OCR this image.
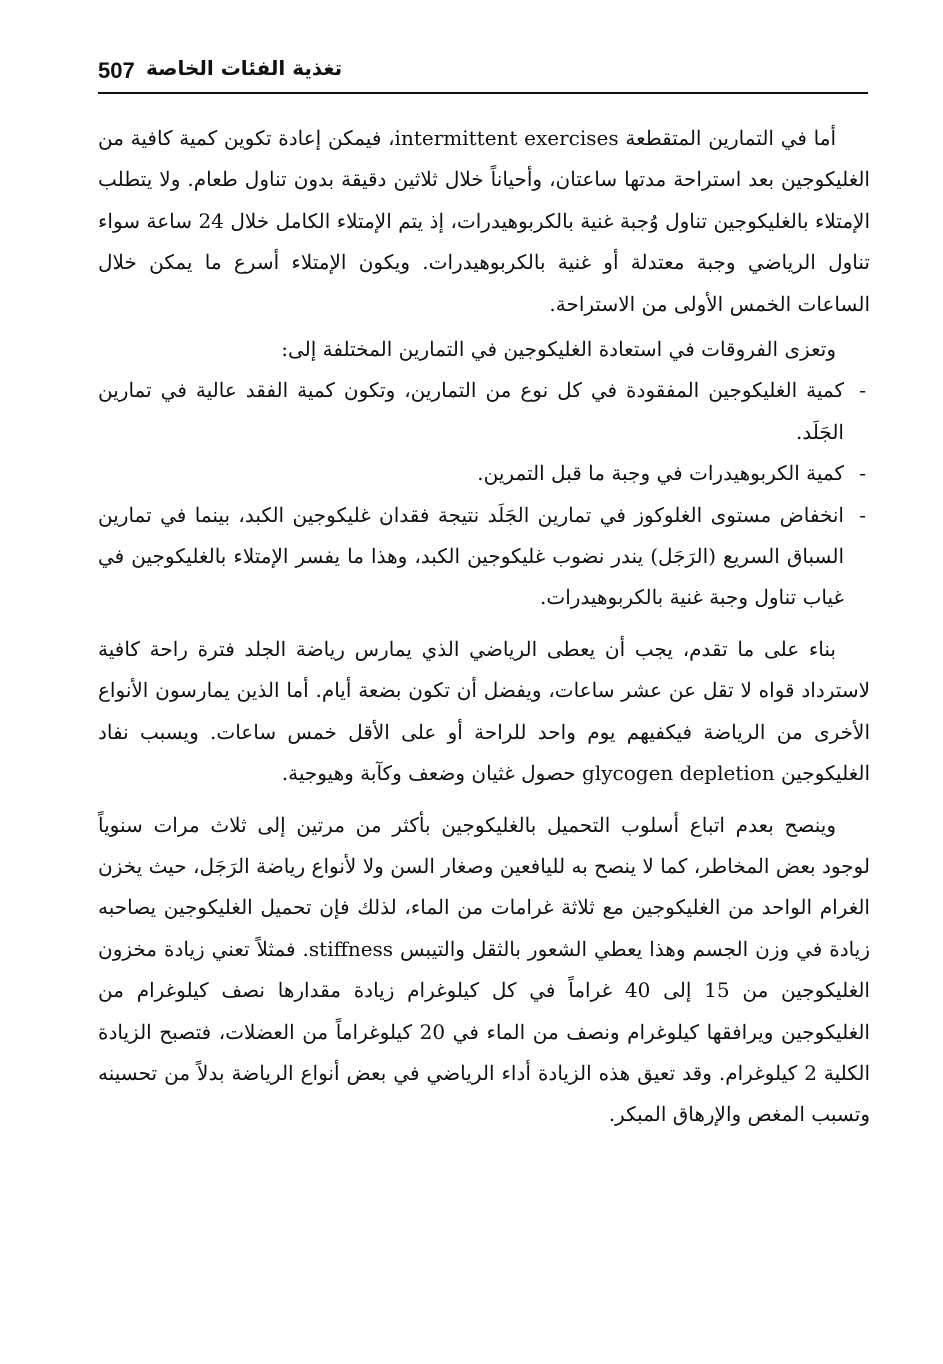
507 تغذية الفئات الخاصة

أما في التمارين المتقطعة intermittent exercises، فيمكن إعادة تكوين كمية كافية من الغليكوجين بعد استراحة مدتها ساعتان، وأحياناً خلال ثلاثين دقيقة بدون تناول طعام. ولا يتطلب الإمتلاء بالغليكوجين تناول وُجبة غنية بالكربوهيدرات، إذ يتم الإمتلاء الكامل خلال 24 ساعة سواء تناول الرياضي وجبة معتدلة أو غنية بالكربوهيدرات. ويكون الإمتلاء أسرع ما يمكن خلال الساعات الخمس الأولى من الاستراحة.

وتعزى الفروقات في استعادة الغليكوجين في التمارين المختلفة إلى:

- كمية الغليكوجين المفقودة في كل نوع من التمارين، وتكون كمية الفقد عالية في تمارين الجَلَد.
- كمية الكربوهيدرات في وجبة ما قبل التمرين.
- انخفاض مستوى الغلوكوز في تمارين الجَلَد نتيجة فقدان غليكوجين الكبد، بينما في تمارين السباق السريع (الرَجَل) يندر نضوب غليكوجين الكبد، وهذا ما يفسر الإمتلاء بالغليكوجين في غياب تناول وجبة غنية بالكربوهيدرات.

بناء على ما تقدم، يجب أن يعطى الرياضي الذي يمارس رياضة الجلد فترة راحة كافية لاسترداد قواه لا تقل عن عشر ساعات، ويفضل أن تكون بضعة أيام. أما الذين يمارسون الأنواع الأخرى من الرياضة فيكفيهم يوم واحد للراحة أو على الأقل خمس ساعات. ويسبب نفاد الغليكوجين glycogen depletion حصول غثيان وضعف وكآبة وهيوجية.

وينصح بعدم اتباع أسلوب التحميل بالغليكوجين بأكثر من مرتين إلى ثلاث مرات سنوياً لوجود بعض المخاطر، كما لا ينصح به لليافعين وصغار السن ولا لأنواع رياضة الرَجَل، حيث يخزن الغرام الواحد من الغليكوجين مع ثلاثة غرامات من الماء، لذلك فإن تحميل الغليكوجين يصاحبه زيادة في وزن الجسم وهذا يعطي الشعور بالثقل والتيبس stiffness. فمثلاً تعني زيادة مخزون الغليكوجين من 15 إلى 40 غراماً في كل كيلوغرام زيادة مقدارها نصف كيلوغرام من الغليكوجين ويرافقها كيلوغرام ونصف من الماء في 20 كيلوغراماً من العضلات، فتصبح الزيادة الكلية 2 كيلوغرام. وقد تعيق هذه الزيادة أداء الرياضي في بعض أنواع الرياضة بدلاً من تحسينه وتسبب المغص والإرهاق المبكر.
